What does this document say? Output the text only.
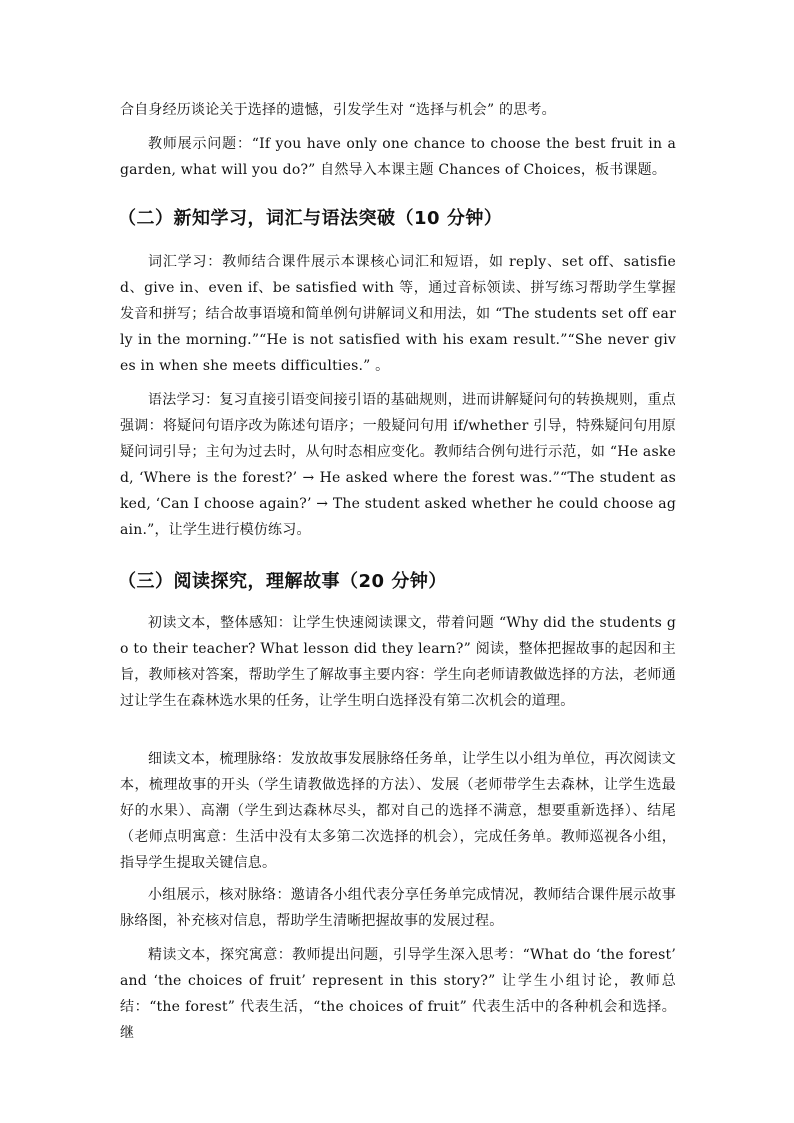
合自身经历谈论关于选择的遗憾，引发学生对 “选择与机会” 的思考。

教师展示问题：“If you have only one chance to choose the best fruit in a garden, what will you do?” 自然导入本课主题 Chances of Choices，板书课题。

（二）新知学习，词汇与语法突破（10 分钟）

词汇学习：教师结合课件展示本课核心词汇和短语，如 reply、set off、satisfied、give in、even if、be satisfied with 等，通过音标领读、拼写练习帮助学生掌握发音和拼写；结合故事语境和简单例句讲解词义和用法，如 “The students set off early in the morning.”“He is not satisfied with his exam result.”“She never gives in when she meets difficulties.” 。

语法学习：复习直接引语变间接引语的基础规则，进而讲解疑问句的转换规则，重点强调：将疑问句语序改为陈述句语序；一般疑问句用 if/whether 引导，特殊疑问句用原疑问词引导；主句为过去时，从句时态相应变化。教师结合例句进行示范，如 “He asked, ‘Where is the forest?’ → He asked where the forest was.”“The student asked, ‘Can I choose again?’ → The student asked whether he could choose again.”，让学生进行模仿练习。

（三）阅读探究，理解故事（20 分钟）

初读文本，整体感知：让学生快速阅读课文，带着问题 “Why did the students go to their teacher? What lesson did they learn?” 阅读，整体把握故事的起因和主旨，教师核对答案，帮助学生了解故事主要内容：学生向老师请教做选择的方法，老师通过让学生在森林选水果的任务，让学生明白选择没有第二次机会的道理。

细读文本，梳理脉络：发放故事发展脉络任务单，让学生以小组为单位，再次阅读文本，梳理故事的开头（学生请教做选择的方法）、发展（老师带学生去森林，让学生选最好的水果）、高潮（学生到达森林尽头，都对自己的选择不满意，想要重新选择）、结尾（老师点明寓意：生活中没有太多第二次选择的机会），完成任务单。教师巡视各小组，指导学生提取关键信息。

小组展示，核对脉络：邀请各小组代表分享任务单完成情况，教师结合课件展示故事脉络图，补充核对信息，帮助学生清晰把握故事的发展过程。

精读文本，探究寓意：教师提出问题，引导学生深入思考：“What do ‘the forest’ and ‘the choices of fruit’ represent in this story?” 让学生小组讨论，教师总结：“the forest” 代表生活，“the choices of fruit” 代表生活中的各种机会和选择。继
